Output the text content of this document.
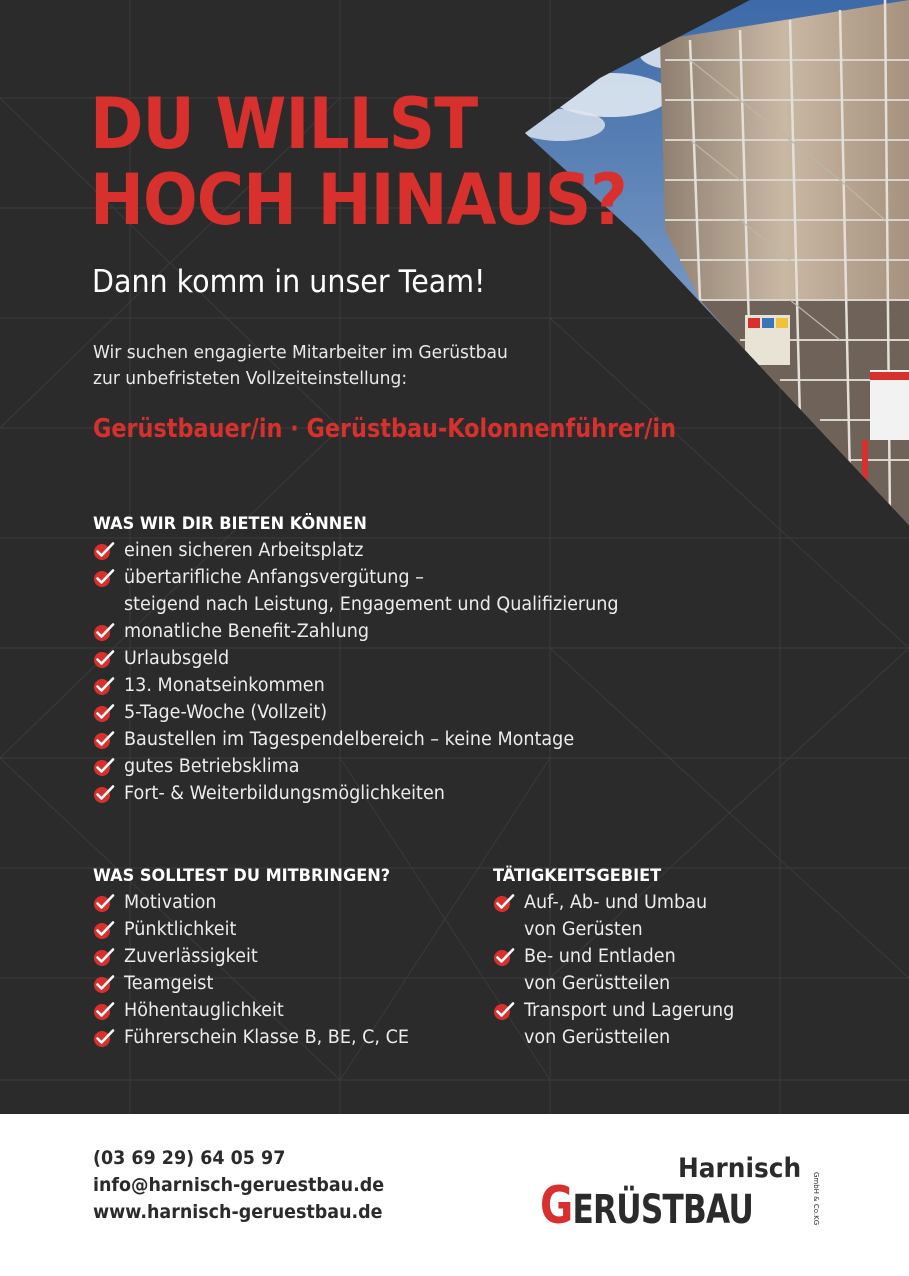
DU WILLST
HOCH HINAUS?
Dann komm in unser Team!
Wir suchen engagierte Mitarbeiter im Gerüstbau
zur unbefristeten Vollzeiteinstellung:
Gerüstbauer/in · Gerüstbau-Kolonnenführer/in
WAS WIR DIR BIETEN KÖNNEN
einen sicheren Arbeitsplatz
übertarifliche Anfangsvergütung –
steigend nach Leistung, Engagement und Qualifizierung
monatliche Benefit-Zahlung
Urlaubsgeld
13. Monatseinkommen
5-Tage-Woche (Vollzeit)
Baustellen im Tagespendelbereich – keine Montage
gutes Betriebsklima
Fort- & Weiterbildungsmöglichkeiten
WAS SOLLTEST DU MITBRINGEN?
Motivation
Pünktlichkeit
Zuverlässigkeit
Teamgeist
Höhentauglichkeit
Führerschein Klasse B, BE, C, CE
TÄTIGKEITSGEBIET
Auf-, Ab- und Umbau
von Gerüsten
Be- und Entladen
von Gerüstteilen
Transport und Lagerung
von Gerüstteilen
(03 69 29) 64 05 97
info@harnisch-geruestbau.de
www.harnisch-geruestbau.de
Harnisch
GERÜSTBAU	GmbH & Co.KG
